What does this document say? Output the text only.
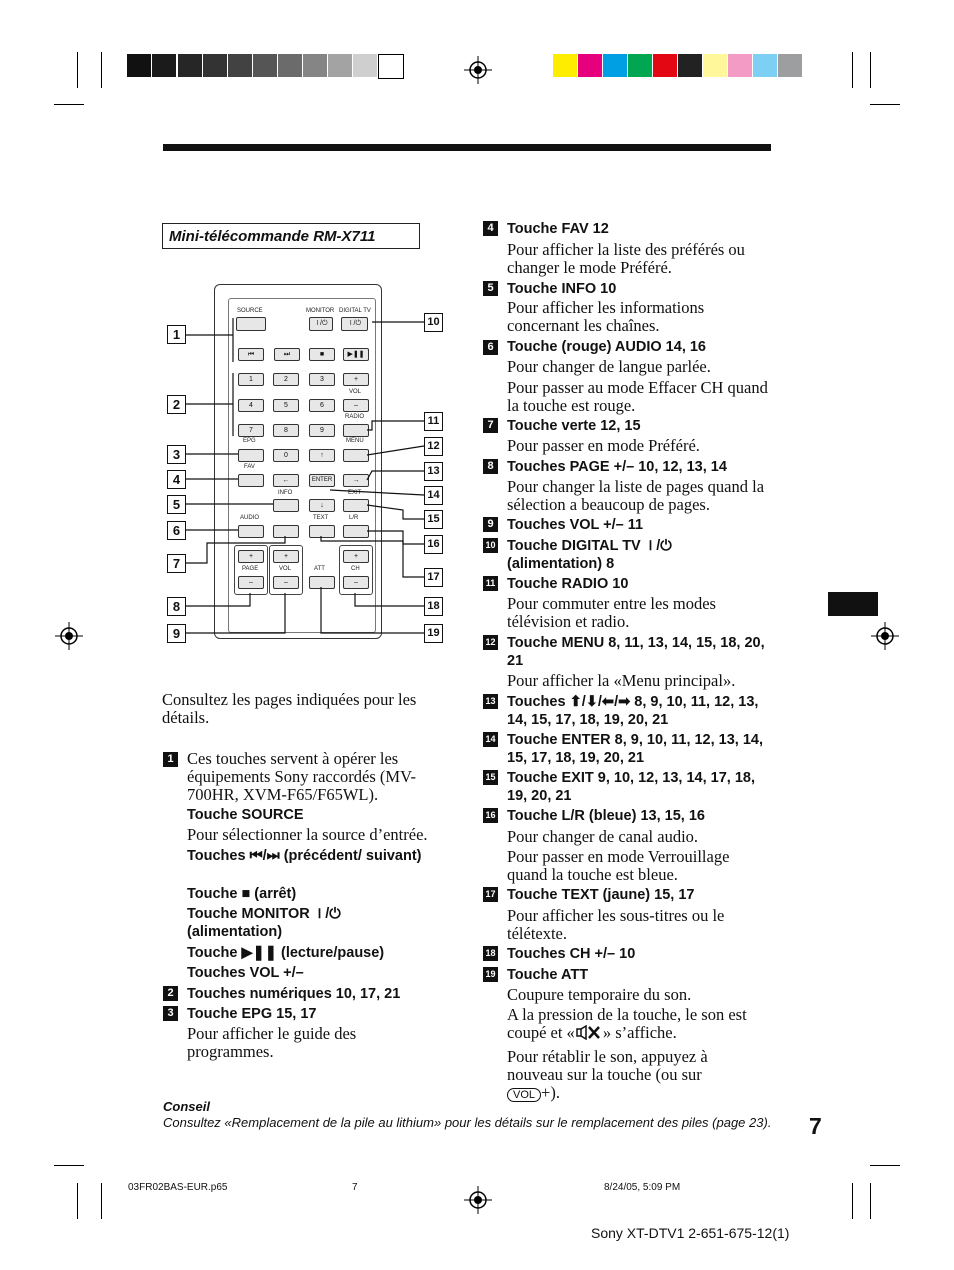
Mini-télécommande RM-X711
SOURCE	MONITOR DIGITAL TV
⏽/⏻	⏽/⏻
⏮	⏭	■	▶❚❚
1	2	3	+
VOL
4	5	6	–
RADIO
7	8	9
EPG	MENU
0	↑
FAV
←	ENTER	→
INFO	EXIT
↓
AUDIO	TEXT	L/R
+	+	+
PAGE	VOL	ATT	CH
–	–	–
1
2
3
4
5
6
7
8
9
10
11
12
13
14
15
16
17
18
19
Consultez les pages indiquées pour les détails.
1 Ces touches servent à opérer les équipements Sony raccordés (MV-700HR, XVM-F65/F65WL).
Touche SOURCE
Pour sélectionner la source d’entrée.
Touches ⏮/⏭ (précédent/ suivant)
Touche ■ (arrêt)
Touche MONITOR ⏽/⏻ (alimentation)
Touche ▶❚❚ (lecture/pause)
Touches VOL +/–
2 Touches numériques 10, 17, 21
3 Touche EPG 15, 17
Pour afficher le guide des programmes.
4 Touche FAV 12
Pour afficher la liste des préférés ou changer le mode Préféré.
5 Touche INFO 10
Pour afficher les informations concernant les chaînes.
6 Touche (rouge) AUDIO 14, 16
Pour changer de langue parlée.
Pour passer au mode Effacer CH quand la touche est rouge.
7 Touche verte 12, 15
Pour passer en mode Préféré.
8 Touches PAGE +/– 10, 12, 13, 14
Pour changer la liste de pages quand la sélection a beaucoup de pages.
9 Touches VOL +/– 11
10 Touche DIGITAL TV ⏽/⏻ (alimentation) 8
11 Touche RADIO 10
Pour commuter entre les modes télévision et radio.
12 Touche MENU 8, 11, 13, 14, 15, 18, 20, 21
Pour afficher la «Menu principal».
13 Touches ⬆/⬇/⬅/➡ 8, 9, 10, 11, 12, 13, 14, 15, 17, 18, 19, 20, 21
14 Touche ENTER 8, 9, 10, 11, 12, 13, 14, 15, 17, 18, 19, 20, 21
15 Touche EXIT 9, 10, 12, 13, 14, 17, 18, 19, 20, 21
16 Touche L/R (bleue) 13, 15, 16
Pour changer de canal audio.
Pour passer en mode Verrouillage quand la touche est bleue.
17 Touche TEXT (jaune) 15, 17
Pour afficher les sous-titres ou le télétexte.
18 Touches CH +/– 10
19 Touche ATT
Coupure temporaire du son.
A la pression de la touche, le son est coupé et « » s’affiche.
Pour rétablir le son, appuyez à nouveau sur la touche (ou sur
VOL +).
Conseil
Consultez «Remplacement de la pile au lithium» pour les détails sur le remplacement des piles (page 23).	7
03FR02BAS-EUR.p65	7	8/24/05, 5:09 PM
Sony XT-DTV1 2-651-675-12(1)
